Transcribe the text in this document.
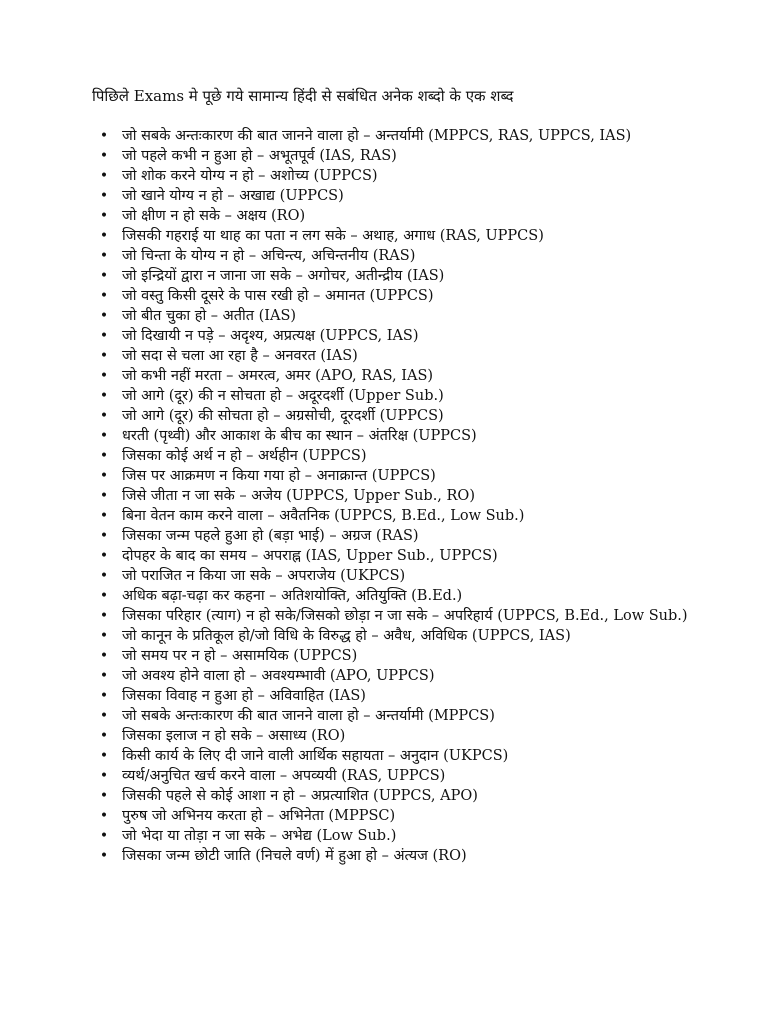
पिछिले Exams मे पूछे गये सामान्य हिंदी से सबंधित अनेक शब्दो के एक शब्द

• जो सबके अन्तःकारण की बात जानने वाला हो – अन्तर्यामी (MPPCS, RAS, UPPCS, IAS)
• जो पहले कभी न हुआ हो – अभूतपूर्व (IAS, RAS)
• जो शोक करने योग्य न हो – अशोच्य (UPPCS)
• जो खाने योग्य न हो – अखाद्य (UPPCS)
• जो क्षीण न हो सके – अक्षय (RO)
• जिसकी गहराई या थाह का पता न लग सके – अथाह, अगाध (RAS, UPPCS)
• जो चिन्ता के योग्य न हो – अचिन्त्य, अचिन्तनीय (RAS)
• जो इन्द्रियों द्वारा न जाना जा सके – अगोचर, अतीन्द्रीय (IAS)
• जो वस्तु किसी दूसरे के पास रखी हो – अमानत (UPPCS)
• जो बीत चुका हो – अतीत (IAS)
• जो दिखायी न पड़े – अदृश्य, अप्रत्यक्ष (UPPCS, IAS)
• जो सदा से चला आ रहा है – अनवरत (IAS)
• जो कभी नहीं मरता – अमरत्व, अमर (APO, RAS, IAS)
• जो आगे (दूर) की न सोचता हो – अदूरदर्शी (Upper Sub.)
• जो आगे (दूर) की सोचता हो – अग्रसोची, दूरदर्शी (UPPCS)
• धरती (पृथ्वी) और आकाश के बीच का स्थान – अंतरिक्ष (UPPCS)
• जिसका कोई अर्थ न हो – अर्थहीन (UPPCS)
• जिस पर आक्रमण न किया गया हो – अनाक्रान्त (UPPCS)
• जिसे जीता न जा सके – अजेय (UPPCS, Upper Sub., RO)
• बिना वेतन काम करने वाला – अवैतनिक (UPPCS, B.Ed., Low Sub.)
• जिसका जन्म पहले हुआ हो (बड़ा भाई) – अग्रज (RAS)
• दोपहर के बाद का समय – अपराह्न (IAS, Upper Sub., UPPCS)
• जो पराजित न किया जा सके – अपराजेय (UKPCS)
• अधिक बढ़ा-चढ़ा कर कहना – अतिशयोक्ति, अतियुक्ति (B.Ed.)
• जिसका परिहार (त्याग) न हो सके/जिसको छोड़ा न जा सके – अपरिहार्य (UPPCS, B.Ed., Low Sub.)
• जो कानून के प्रतिकूल हो/जो विधि के विरुद्ध हो – अवैध, अविधिक (UPPCS, IAS)
• जो समय पर न हो – असामयिक (UPPCS)
• जो अवश्य होने वाला हो – अवश्यम्भावी (APO, UPPCS)
• जिसका विवाह न हुआ हो – अविवाहित (IAS)
• जो सबके अन्तःकारण की बात जानने वाला हो – अन्तर्यामी (MPPCS)
• जिसका इलाज न हो सके – असाध्य (RO)
• किसी कार्य के लिए दी जाने वाली आर्थिक सहायता – अनुदान (UKPCS)
• व्यर्थ/अनुचित खर्च करने वाला – अपव्ययी (RAS, UPPCS)
• जिसकी पहले से कोई आशा न हो – अप्रत्याशित (UPPCS, APO)
• पुरुष जो अभिनय करता हो – अभिनेता (MPPSC)
• जो भेदा या तोड़ा न जा सके – अभेद्य (Low Sub.)
• जिसका जन्म छोटी जाति (निचले वर्ण) में हुआ हो – अंत्यज (RO)
